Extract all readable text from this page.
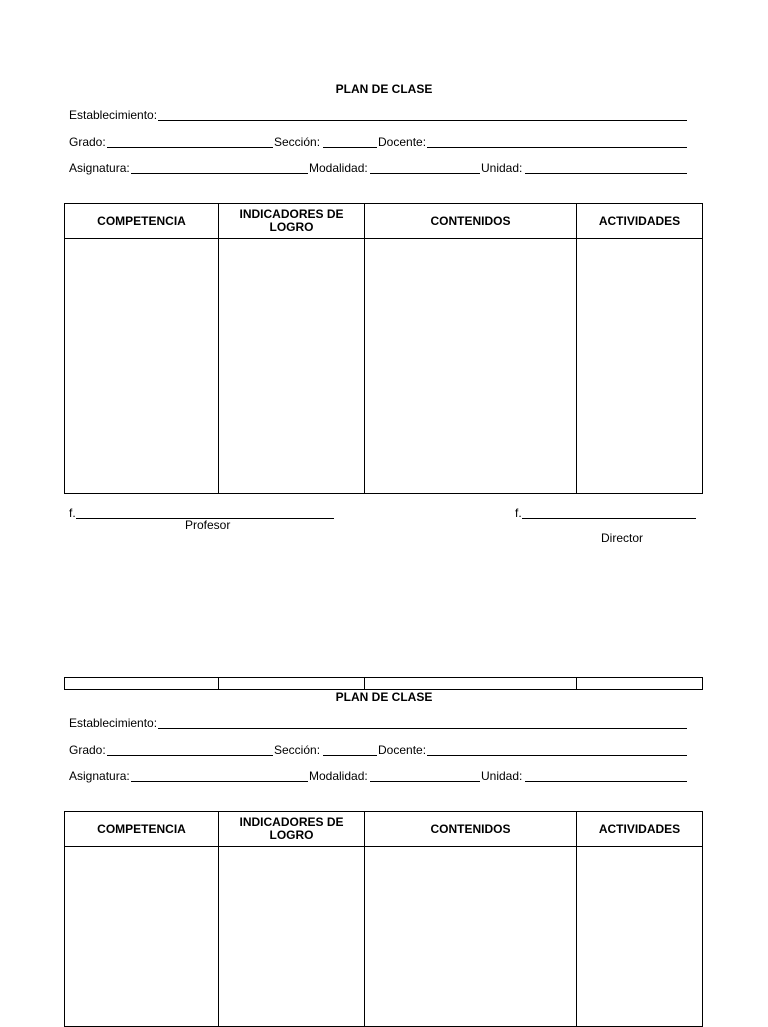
PLAN DE CLASE
Establecimiento:
Grado:	Sección:	Docente:
Asignatura:	Modalidad:	Unidad:
COMPETENCIA	INDICADORES DE LOGRO	CONTENIDOS	ACTIVIDADES

f.
Profesor
f.
Director

PLAN DE CLASE
Establecimiento:
Grado:	Sección:	Docente:
Asignatura:	Modalidad:	Unidad:
COMPETENCIA	INDICADORES DE LOGRO	CONTENIDOS	ACTIVIDADES
